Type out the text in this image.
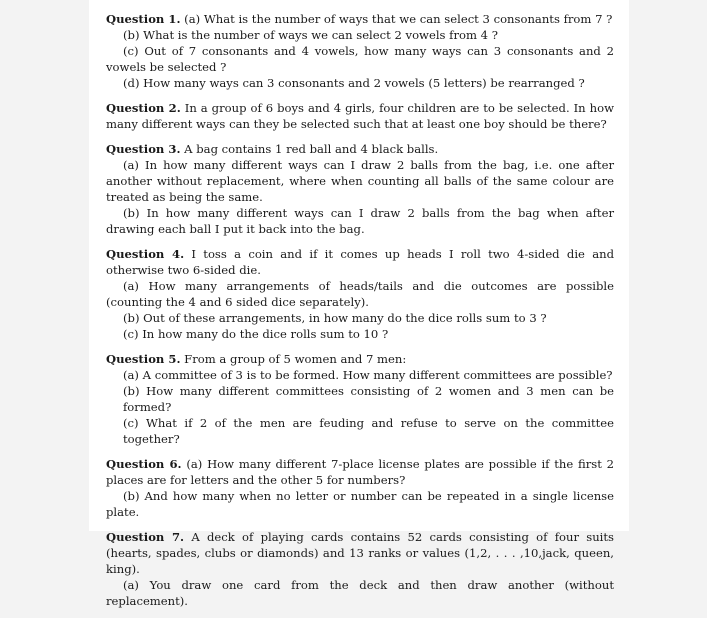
Question 1. (a) What is the number of ways that we can select 3 consonants from 7 ?

(b) What is the number of ways we can select 2 vowels from 4 ?

(c) Out of 7 consonants and 4 vowels, how many ways can 3 consonants and 2 vowels be selected ?

(d) How many ways can 3 consonants and 2 vowels (5 letters) be rearranged ?

Question 2. In a group of 6 boys and 4 girls, four children are to be selected. In how many different ways can they be selected such that at least one boy should be there?

Question 3. A bag contains 1 red ball and 4 black balls.

(a) In how many different ways can I draw 2 balls from the bag, i.e. one after another without replacement, where when counting all balls of the same colour are treated as being the same.

(b) In how many different ways can I draw 2 balls from the bag when after drawing each ball I put it back into the bag.

Question 4. I toss a coin and if it comes up heads I roll two 4-sided die and otherwise two 6-sided die.

(a) How many arrangements of heads/tails and die outcomes are possible (counting the 4 and 6 sided dice separately).

(b) Out of these arrangements, in how many do the dice rolls sum to 3 ?

(c) In how many do the dice rolls sum to 10 ?

Question 5. From a group of 5 women and 7 men:

(a) A committee of 3 is to be formed. How many different committees are possible?

(b) How many different committees consisting of 2 women and 3 men can be formed?

(c) What if 2 of the men are feuding and refuse to serve on the committee together?

Question 6. (a) How many different 7-place license plates are possible if the first 2 places are for letters and the other 5 for numbers?

(b) And how many when no letter or number can be repeated in a single license plate.

Question 7. A deck of playing cards contains 52 cards consisting of four suits (hearts, spades, clubs or diamonds) and 13 ranks or values (1,2, . . . ,10,jack, queen, king).

(a) You draw one card from the deck and then draw another (without replacement).
